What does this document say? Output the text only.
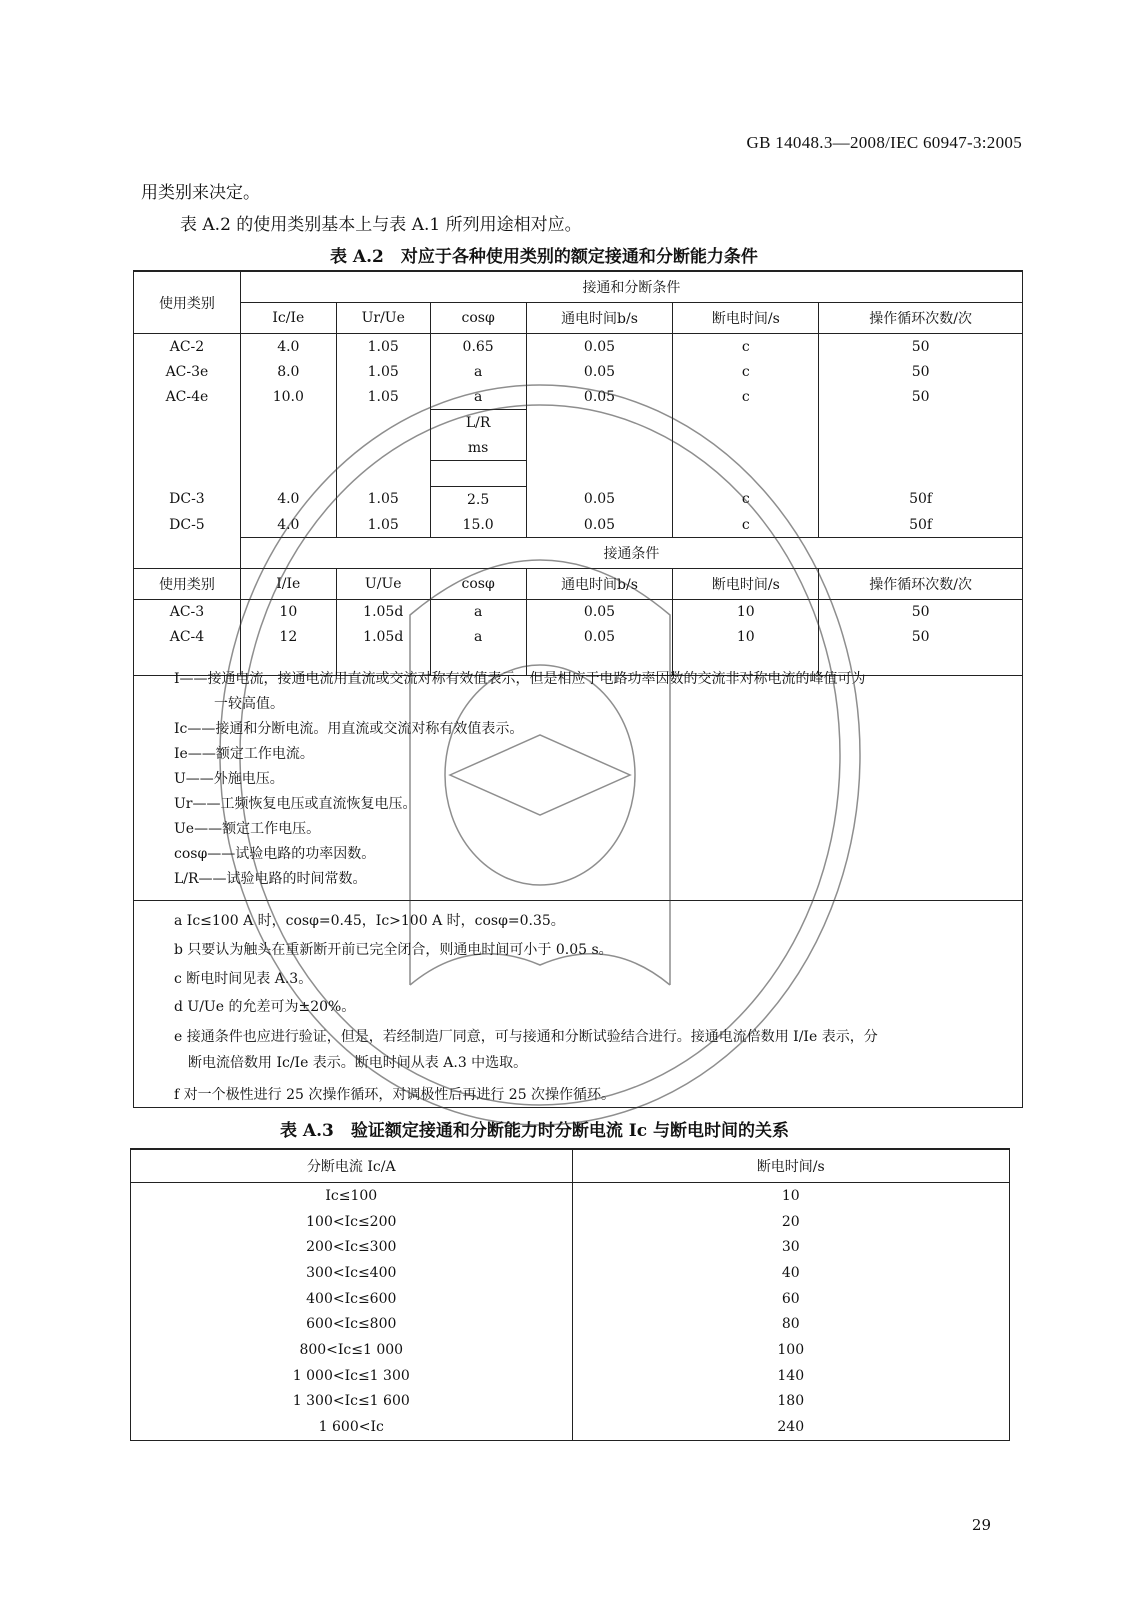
GB 14048.3—2008/IEC 60947-3:2005
用类别来决定。
表 A.2 的使用类别基本上与表 A.1 所列用途相对应。
表 A.2　对应于各种使用类别的额定接通和分断能力条件
使用类别	接通和分断条件					
	Ic/Ie	Ur/Ue	cosφ	通电时间b/s	断电时间/s	操作循环次数/次
AC-2	4.0	1.05	0.65	0.05	c	50
AC-3e	8.0	1.05	a	0.05	c	50
AC-4e	10.0	1.05	a	0.05	c	50
			L/R			
			ms			

DC-3	4.0	1.05	2.5	0.05	c	50f
DC-5	4.0	1.05	15.0	0.05	c	50f
	接通条件					
使用类别	I/Ie	U/Ue	cosφ	通电时间b/s	断电时间/s	操作循环次数/次
AC-3	10	1.05d	a	0.05	10	50
AC-4	12	1.05d	a	0.05	10	50

I——接通电流，接通电流用直流或交流对称有效值表示，但是相应于电路功率因数的交流非对称电流的峰值可为
一较高值。
Ic——接通和分断电流。用直流或交流对称有效值表示。
Ie——额定工作电流。
U——外施电压。
Ur——工频恢复电压或直流恢复电压。
Ue——额定工作电压。
cosφ——试验电路的功率因数。
L/R——试验电路的时间常数。
a Ic≤100 A 时，cosφ=0.45，Ic>100 A 时，cosφ=0.35。
b 只要认为触头在重新断开前已完全闭合，则通电时间可小于 0.05 s。
c 断电时间见表 A.3。
d U/Ue 的允差可为±20%。
e 接通条件也应进行验证，但是，若经制造厂同意，可与接通和分断试验结合进行。接通电流倍数用 I/Ie 表示，分
断电流倍数用 Ic/Ie 表示。断电时间从表 A.3 中选取。
f 对一个极性进行 25 次操作循环，对调极性后再进行 25 次操作循环。
表 A.3　验证额定接通和分断能力时分断电流 Ic 与断电时间的关系
分断电流 Ic/A	断电时间/s
Ic≤100	10
100<Ic≤200	20
200<Ic≤300	30
300<Ic≤400	40
400<Ic≤600	60
600<Ic≤800	80
800<Ic≤1 000	100
1 000<Ic≤1 300	140
1 300<Ic≤1 600	180
1 600<Ic	240
29
